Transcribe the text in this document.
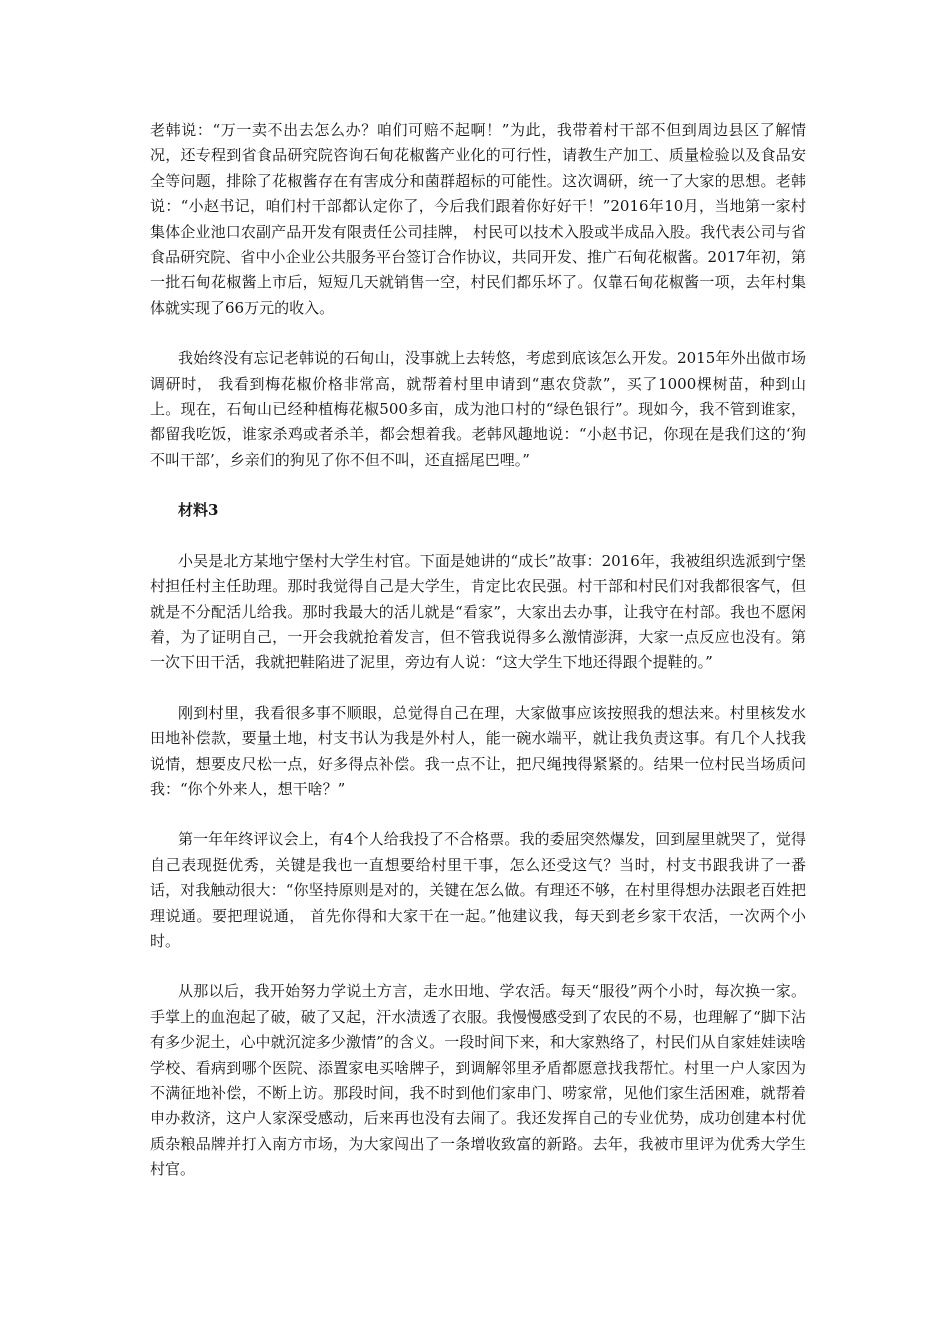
老韩说：“万一卖不出去怎么办？咱们可赔不起啊！”为此，我带着村干部不但到周边县区了解情况，还专程到省食品研究院咨询石甸花椒酱产业化的可行性，请教生产加工、质量检验以及食品安全等问题，排除了花椒酱存在有害成分和菌群超标的可能性。这次调研，统一了大家的思想。老韩说：“小赵书记，咱们村干部都认定你了，今后我们跟着你好好干！”2016年10月，当地第一家村集体企业池口农副产品开发有限责任公司挂牌， 村民可以技术入股或半成品入股。我代表公司与省食品研究院、省中小企业公共服务平台签订合作协议，共同开发、推广石甸花椒酱。2017年初，第一批石甸花椒酱上市后，短短几天就销售一空，村民们都乐坏了。仅靠石甸花椒酱一项，去年村集体就实现了66万元的收入。

我始终没有忘记老韩说的石甸山，没事就上去转悠，考虑到底该怎么开发。2015年外出做市场调研时， 我看到梅花椒价格非常高，就帮着村里申请到“惠农贷款”，买了1000棵树苗，种到山上。现在，石甸山已经种植梅花椒500多亩，成为池口村的“绿色银行”。现如今，我不管到谁家，都留我吃饭，谁家杀鸡或者杀羊，都会想着我。老韩风趣地说：“小赵书记，你现在是我们这的‘狗不叫干部’，乡亲们的狗见了你不但不叫，还直摇尾巴哩。”

材料3

小吴是北方某地宁堡村大学生村官。下面是她讲的“成长”故事：2016年，我被组织选派到宁堡村担任村主任助理。那时我觉得自己是大学生，肯定比农民强。村干部和村民们对我都很客气，但就是不分配活儿给我。那时我最大的活儿就是“看家”，大家出去办事，让我守在村部。我也不愿闲着，为了证明自己，一开会我就抢着发言，但不管我说得多么激情澎湃，大家一点反应也没有。第一次下田干活，我就把鞋陷进了泥里，旁边有人说：“这大学生下地还得跟个提鞋的。”

刚到村里，我看很多事不顺眼，总觉得自己在理，大家做事应该按照我的想法来。村里核发水田地补偿款，要量土地，村支书认为我是外村人，能一碗水端平，就让我负责这事。有几个人找我说情，想要皮尺松一点，好多得点补偿。我一点不让，把尺绳拽得紧紧的。结果一位村民当场质问我：“你个外来人，想干啥？”

第一年年终评议会上，有4个人给我投了不合格票。我的委屈突然爆发，回到屋里就哭了，觉得自己表现挺优秀，关键是我也一直想要给村里干事，怎么还受这气？当时，村支书跟我讲了一番话，对我触动很大：“你坚持原则是对的，关键在怎么做。有理还不够，在村里得想办法跟老百姓把理说通。要把理说通， 首先你得和大家干在一起。”他建议我，每天到老乡家干农活，一次两个小时。

从那以后，我开始努力学说土方言，走水田地、学农活。每天“服役”两个小时，每次换一家。手掌上的血泡起了破，破了又起，汗水渍透了衣服。我慢慢感受到了农民的不易，也理解了“脚下沾有多少泥土，心中就沉淀多少激情”的含义。一段时间下来，和大家熟络了，村民们从自家娃娃读啥学校、看病到哪个医院、添置家电买啥牌子，到调解邻里矛盾都愿意找我帮忙。村里一户人家因为不满征地补偿，不断上访。那段时间，我不时到他们家串门、唠家常，见他们家生活困难，就帮着申办救济，这户人家深受感动，后来再也没有去闹了。我还发挥自己的专业优势，成功创建本村优质杂粮品牌并打入南方市场，为大家闯出了一条增收致富的新路。去年，我被市里评为优秀大学生村官。
